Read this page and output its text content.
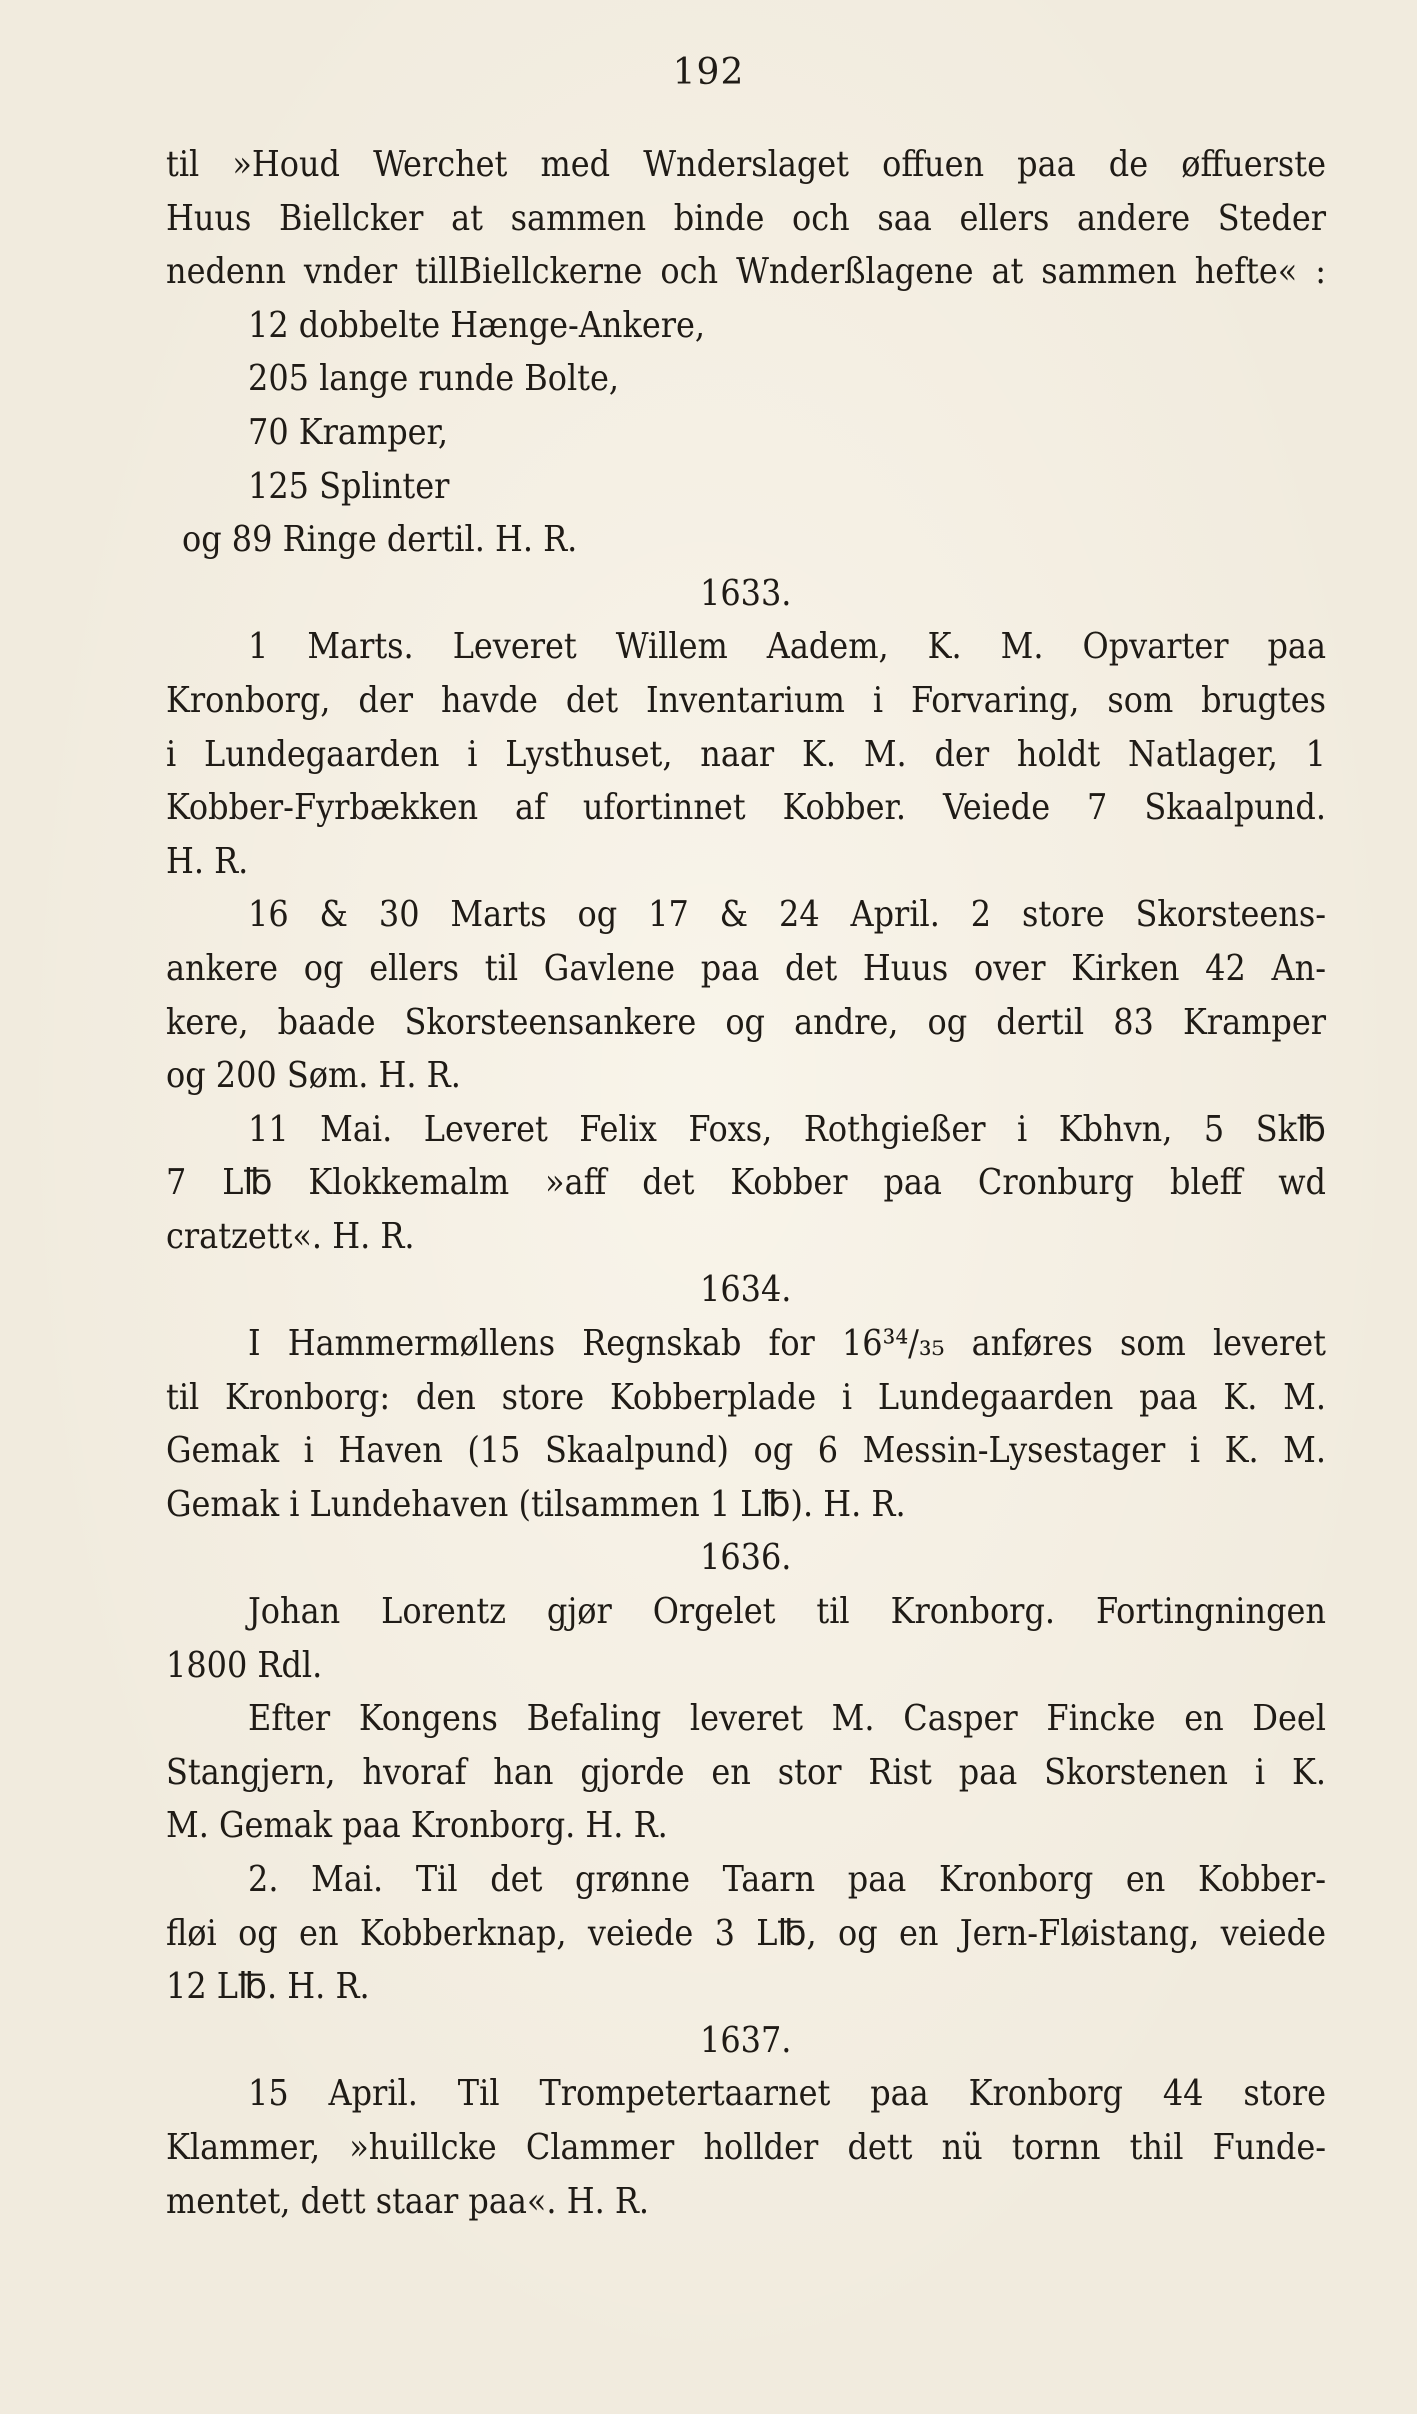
192
til »Houd Werchet med Wnderslaget offuen paa de øffuerste
Huus Biellcker at sammen binde och saa ellers andere Steder
nedenn vnder tillBiellckerne och Wnderßlagene at sammen hefte« :
12 dobbelte Hænge-Ankere,
205 lange runde Bolte,
70 Kramper,
125 Splinter
og 89 Ringe dertil. H. R.
1633.
1 Marts. Leveret Willem Aadem, K. M. Opvarter paa
Kronborg, der havde det Inventarium i Forvaring, som brugtes
i Lundegaarden i Lysthuset, naar K. M. der holdt Natlager, 1
Kobber-Fyrbækken af ufortinnet Kobber. Veiede 7 Skaalpund.
H. R.
16 & 30 Marts og 17 & 24 April. 2 store Skorsteens-
ankere og ellers til Gavlene paa det Huus over Kirken 42 An-
kere, baade Skorsteensankere og andre, og dertil 83 Kramper
og 200 Søm. H. R.
11 Mai. Leveret Felix Foxs, Rothgießer i Kbhvn, 5 Sk℔
7 L℔ Klokkemalm »aff det Kobber paa Cronburg bleff wd
cratzett«. H. R.
1634.
I Hammermøllens Regnskab for 16³⁴/₃₅ anføres som leveret
til Kronborg: den store Kobberplade i Lundegaarden paa K. M.
Gemak i Haven (15 Skaalpund) og 6 Messin-Lysestager i K. M.
Gemak i Lundehaven (tilsammen 1 L℔). H. R.
1636.
Johan Lorentz gjør Orgelet til Kronborg. Fortingningen
1800 Rdl.
Efter Kongens Befaling leveret M. Casper Fincke en Deel
Stangjern, hvoraf han gjorde en stor Rist paa Skorstenen i K.
M. Gemak paa Kronborg. H. R.
2. Mai. Til det grønne Taarn paa Kronborg en Kobber-
fløi og en Kobberknap, veiede 3 L℔, og en Jern-Fløistang, veiede
12 L℔. H. R.
1637.
15 April. Til Trompetertaarnet paa Kronborg 44 store
Klammer, »huillcke Clammer hollder dett nü tornn thil Funde-
mentet, dett staar paa«. H. R.
